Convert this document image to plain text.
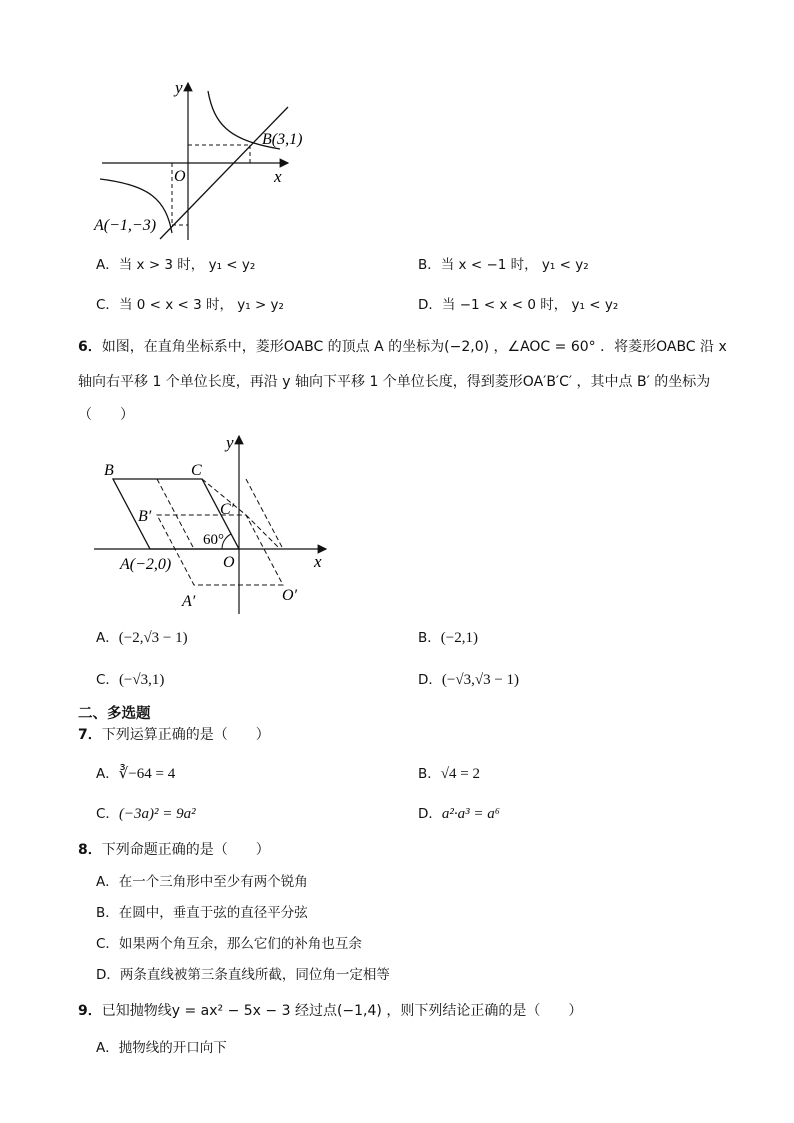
y
x
O
B(3,1)
A(−1,−3)
A．当 x > 3 时， y₁ < y₂	B．当 x < −1 时， y₁ < y₂
C．当 0 < x < 3 时， y₁ > y₂	D．当 −1 < x < 0 时， y₁ < y₂
6．如图，在直角坐标系中，菱形OABC 的顶点 A 的坐标为(−2,0) ，∠AOC = 60° ．将菱形OABC 沿 x
轴向右平移 1 个单位长度，再沿 y 轴向下平移 1 个单位长度，得到菱形OA′B′C′ ，其中点 B′ 的坐标为
（　　）
y
x
B	C
C′
B′
60°
O
A(−2,0)
A′	O′
A．(−2,√3 − 1)	B．(−2,1)
C．(−√3,1)	D．(−√3,√3 − 1)
二、多选题
7．下列运算正确的是（　　）
A．∛−64 = 4	B．√4 = 2
C．(−3a)² = 9a²	D．a²·a³ = a⁶
8．下列命题正确的是（　　）
A．在一个三角形中至少有两个锐角
B．在圆中，垂直于弦的直径平分弦
C．如果两个角互余，那么它们的补角也互余
D．两条直线被第三条直线所截，同位角一定相等
9．已知抛物线y = ax² − 5x − 3 经过点(−1,4) ，则下列结论正确的是（　　）
A．抛物线的开口向下
